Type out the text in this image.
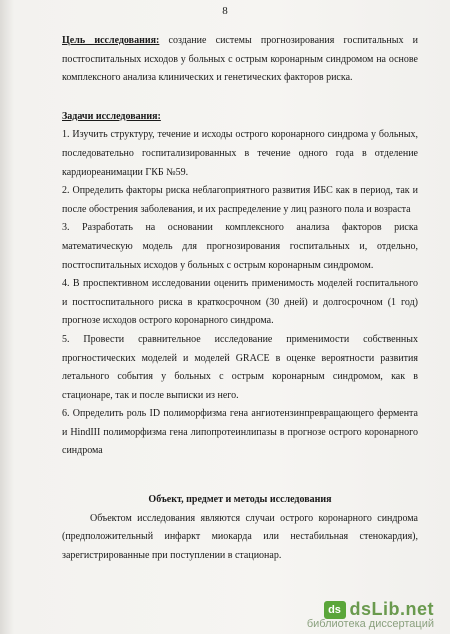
8

Цель исследования: создание системы прогнозирования госпитальных и постгоспитальных исходов у больных с острым коронарным синдромом на основе комплексного анализа клинических и генетических факторов риска.

Задачи исследования:

1. Изучить структуру, течение и исходы острого коронарного синдрома у больных, последовательно госпитализированных в течение одного года в отделение кардиореанимации ГКБ №59.

2. Определить факторы риска неблагоприятного развития ИБС как в период, так и после обострения заболевания, и их распределение у лиц разного пола и возраста

3. Разработать на основании комплексного анализа факторов риска математическую модель для прогнозирования госпитальных и, отдельно, постгоспитальных исходов у больных с острым коронарным синдромом.

4. В проспективном исследовании оценить применимость моделей госпитального и постгоспитального риска в краткосрочном (30 дней) и долгосрочном (1 год) прогнозе исходов острого коронарного синдрома.

5. Провести сравнительное исследование применимости собственных прогностических моделей и моделей GRACE в оценке вероятности развития летального события у больных с острым коронарным синдромом, как в стационаре, так и после выписки из него.

6. Определить роль ID полиморфизма гена ангиотензинпревращающего фермента и HindIII полиморфизма гена липопротеинлипазы в прогнозе острого коронарного синдрома

Объект, предмет и методы исследования

Объектом исследования являются случаи острого коронарного синдрома (предположительный инфаркт миокарда или нестабильная стенокардия), зарегистрированные при поступлении в стационар.

ds dsLib.net
библиотека диссертаций
